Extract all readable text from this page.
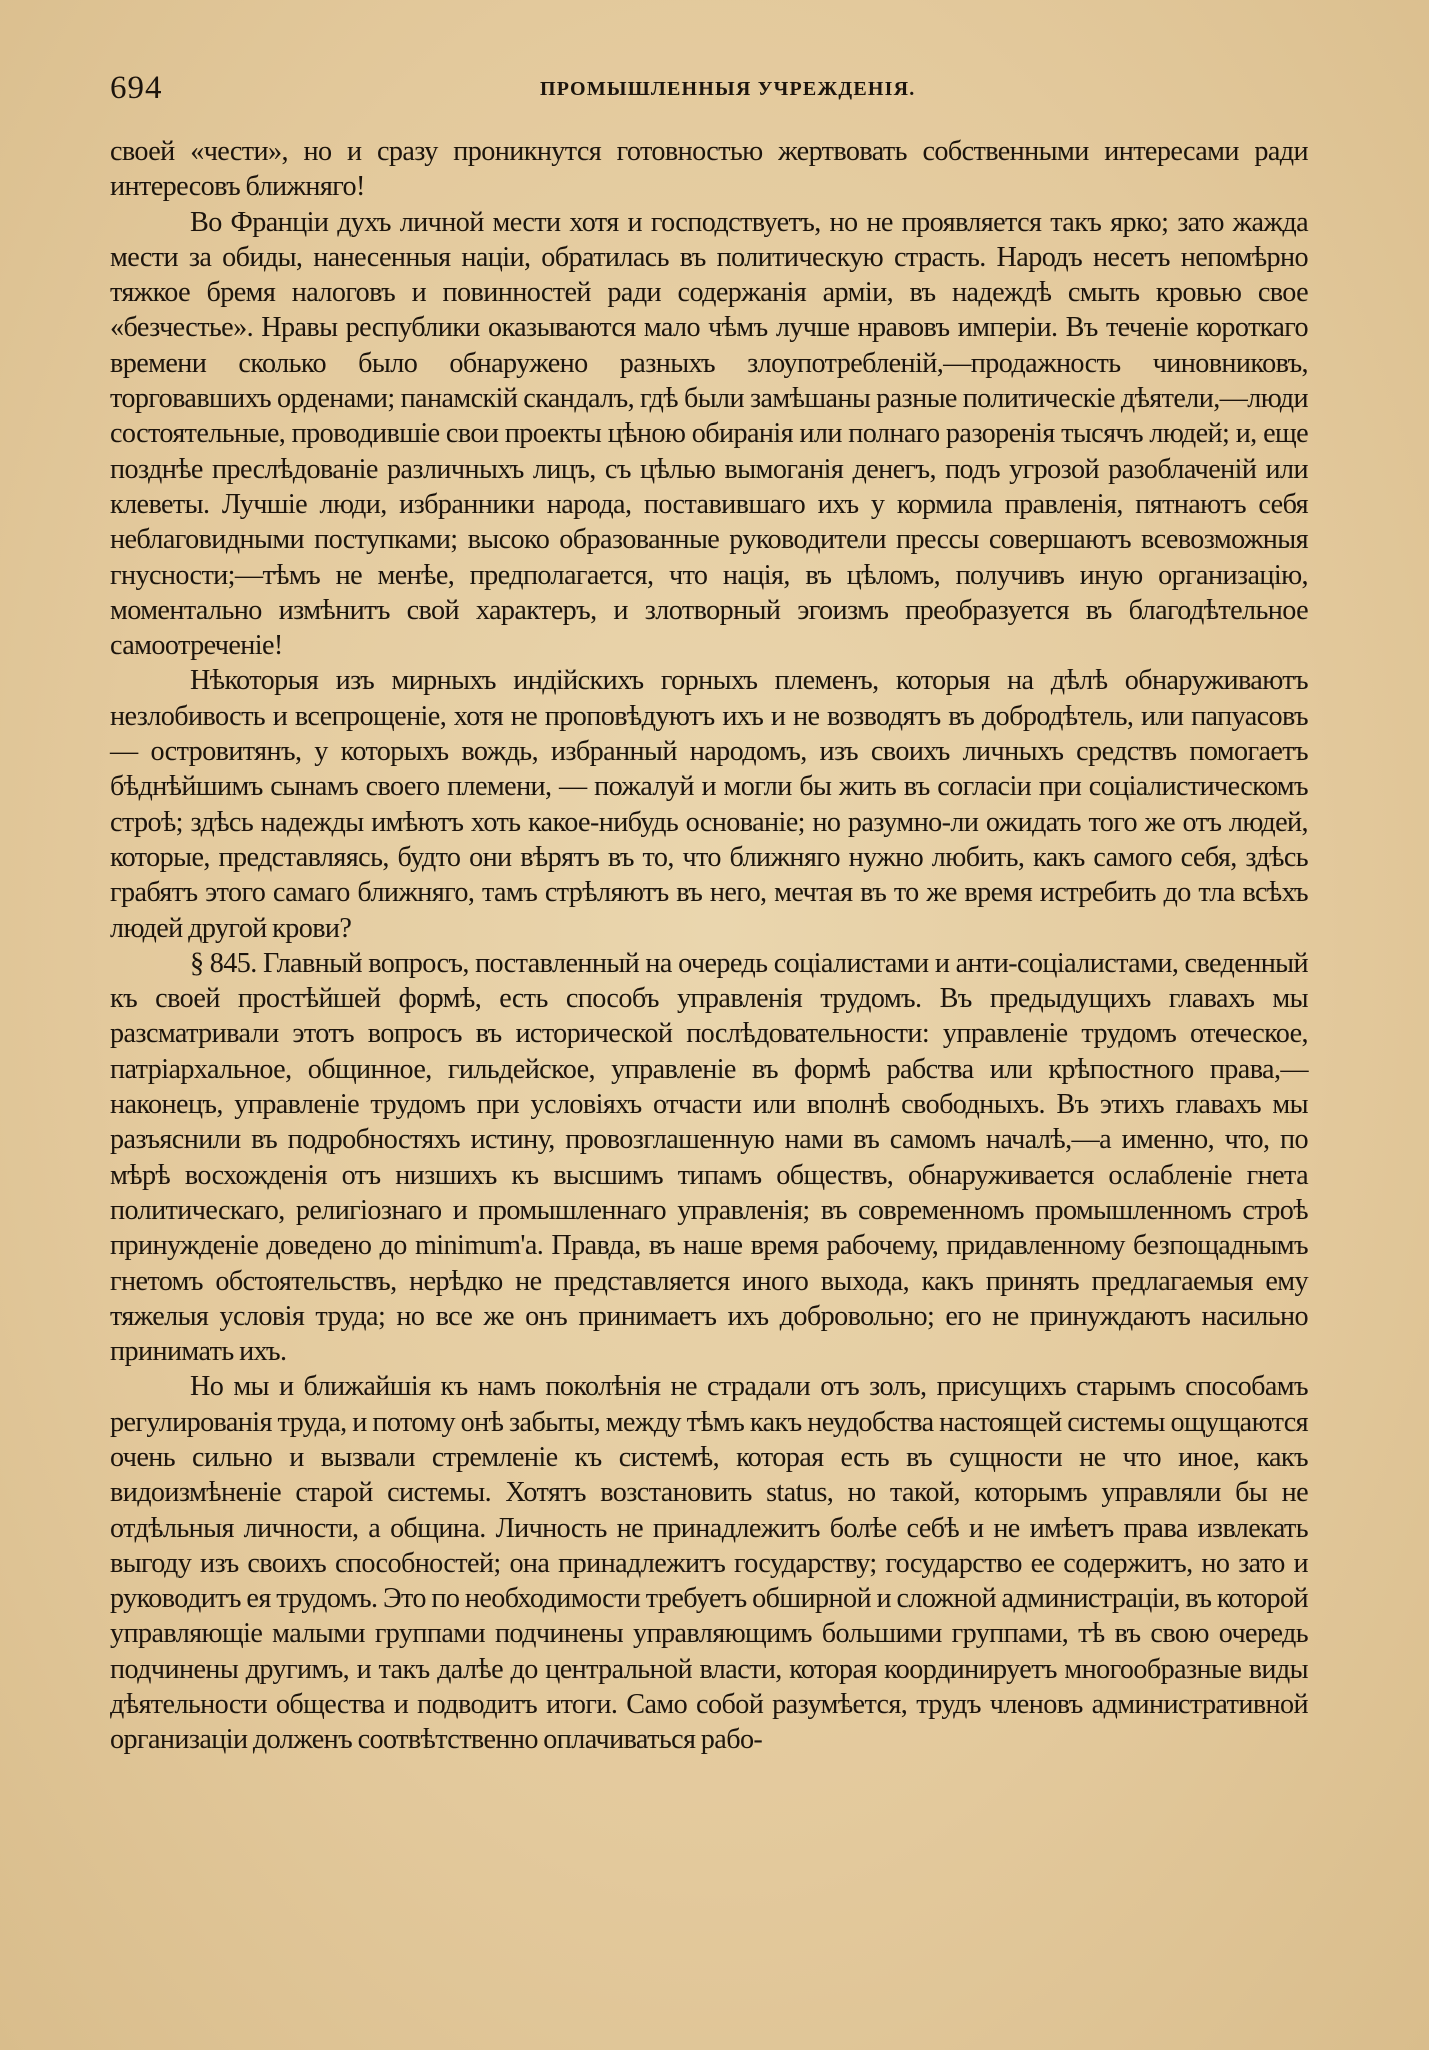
694	ПРОМЫШЛЕННЫЯ УЧРЕЖДЕНІЯ.

своей «чести», но и сразу проникнутся готовностью жертвовать собственными интересами ради интересовъ ближняго!

Во Франціи духъ личной мести хотя и господствуетъ, но не проявляется такъ ярко; зато жажда мести за обиды, нанесенныя націи, обратилась въ политическую страсть. Народъ несетъ непомѣрно тяжкое бремя налоговъ и повинностей ради содержанія арміи, въ надеждѣ смыть кровью свое «безчестье». Нравы республики оказываются мало чѣмъ лучше нравовъ имперіи. Въ теченіе короткаго времени сколько было обнаружено разныхъ злоупотребленій,—продажность чиновниковъ, торговавшихъ орденами; панамскій скандалъ, гдѣ были замѣшаны разные политическіе дѣятели,—люди состоятельные, проводившіе свои проекты цѣною обиранія или полнаго разоренія тысячъ людей; и, еще позднѣе преслѣдованіе различныхъ лицъ, съ цѣлью вымоганія денегъ, подъ угрозой разоблаченій или клеветы. Лучшіе люди, избранники народа, поставившаго ихъ у кормила правленія, пятнаютъ себя неблаговидными поступками; высоко образованные руководители прессы совершаютъ всевозможныя гнусности;—тѣмъ не менѣе, предполагается, что нація, въ цѣломъ, получивъ иную организацію, моментально измѣнитъ свой характеръ, и злотворный эгоизмъ преобразуется въ благодѣтельное самоотреченіе!

Нѣкоторыя изъ мирныхъ индійскихъ горныхъ племенъ, которыя на дѣлѣ обнаруживаютъ незлобивость и всепрощеніе, хотя не проповѣдуютъ ихъ и не возводятъ въ добродѣтель, или папуасовъ — островитянъ, у которыхъ вождь, избранный народомъ, изъ своихъ личныхъ средствъ помогаетъ бѣднѣйшимъ сынамъ своего племени, — пожалуй и могли бы жить въ согласіи при соціалистическомъ строѣ; здѣсь надежды имѣютъ хоть какое-нибудь основаніе; но разумно-ли ожидать того же отъ людей, которые, представляясь, будто они вѣрятъ въ то, что ближняго нужно любить, какъ самого себя, здѣсь грабятъ этого самаго ближняго, тамъ стрѣляютъ въ него, мечтая въ то же время истребить до тла всѣхъ людей другой крови?

§ 845. Главный вопросъ, поставленный на очередь соціалистами и анти-соціалистами, сведенный къ своей простѣйшей формѣ, есть способъ управленія трудомъ. Въ предыдущихъ главахъ мы разсматривали этотъ вопросъ въ исторической послѣдовательности: управленіе трудомъ отеческое, патріархальное, общинное, гильдейское, управленіе въ формѣ рабства или крѣпостного права,—наконецъ, управленіе трудомъ при условіяхъ отчасти или вполнѣ свободныхъ. Въ этихъ главахъ мы разъяснили въ подробностяхъ истину, провозглашенную нами въ самомъ началѣ,—а именно, что, по мѣрѣ восхожденія отъ низшихъ къ высшимъ типамъ обществъ, обнаруживается ослабленіе гнета политическаго, религіознаго и промышленнаго управленія; въ современномъ промышленномъ строѣ принужденіе доведено до minimum'а. Правда, въ наше время рабочему, придавленному безпощаднымъ гнетомъ обстоятельствъ, нерѣдко не представляется иного выхода, какъ принять предлагаемыя ему тяжелыя условія труда; но все же онъ принимаетъ ихъ добровольно; его не принуждаютъ насильно принимать ихъ.

Но мы и ближайшія къ намъ поколѣнія не страдали отъ золъ, присущихъ старымъ способамъ регулированія труда, и потому онѣ забыты, между тѣмъ какъ неудобства настоящей системы ощущаются очень сильно и вызвали стремленіе къ системѣ, которая есть въ сущности не что иное, какъ видоизмѣненіе старой системы. Хотятъ возстановить status, но такой, которымъ управляли бы не отдѣльныя личности, а община. Личность не принадлежитъ болѣе себѣ и не имѣетъ права извлекать выгоду изъ своихъ способностей; она принадлежитъ государству; государство ее содержитъ, но зато и руководитъ ея трудомъ. Это по необходимости требуетъ обширной и сложной администраціи, въ которой управляющіе малыми группами подчинены управляющимъ большими группами, тѣ въ свою очередь подчинены другимъ, и такъ далѣе до центральной власти, которая координируетъ многообразные виды дѣятельности общества и подводитъ итоги. Само собой разумѣется, трудъ членовъ административной организаціи долженъ соотвѣтственно оплачиваться рабо-
